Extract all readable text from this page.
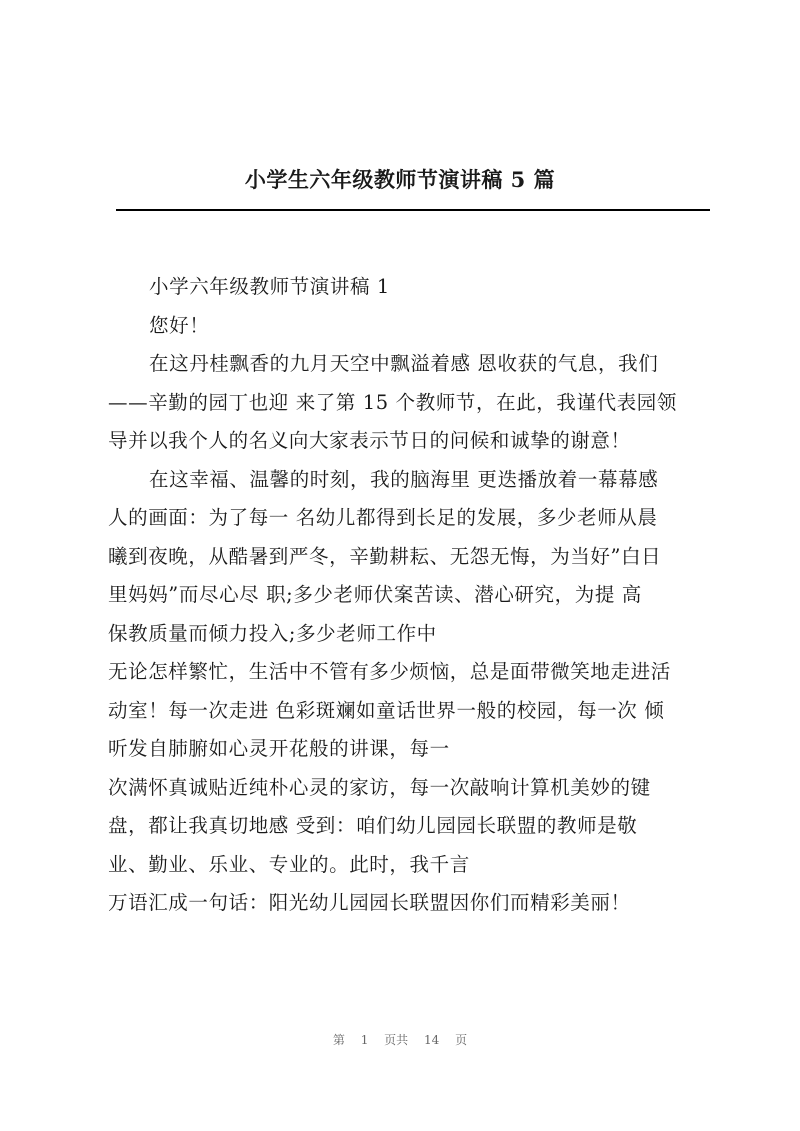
小学生六年级教师节演讲稿 5 篇
小学六年级教师节演讲稿 1
您好！
在这丹桂飘香的九月天空中飘溢着感 恩收获的气息，我们
——辛勤的园丁也迎 来了第 15 个教师节，在此，我谨代表园领
导并以我个人的名义向大家表示节日的问候和诚挚的谢意！
在这幸福、温馨的时刻，我的脑海里 更迭播放着一幕幕感
人的画面：为了每一 名幼儿都得到长足的发展，多少老师从晨
曦到夜晚，从酷暑到严冬，辛勤耕耘、无怨无悔，为当好”白日
里妈妈”而尽心尽 职;多少老师伏案苦读、潜心研究，为提 高
保教质量而倾力投入;多少老师工作中
无论怎样繁忙，生活中不管有多少烦恼，总是面带微笑地走进活
动室！每一次走进 色彩斑斓如童话世界一般的校园，每一次 倾
听发自肺腑如心灵开花般的讲课，每一
次满怀真诚贴近纯朴心灵的家访，每一次敲响计算机美妙的键
盘，都让我真切地感 受到：咱们幼儿园园长联盟的教师是敬
业、勤业、乐业、专业的。此时，我千言
万语汇成一句话：阳光幼儿园园长联盟因你们而精彩美丽！
第 1 页共 14 页
